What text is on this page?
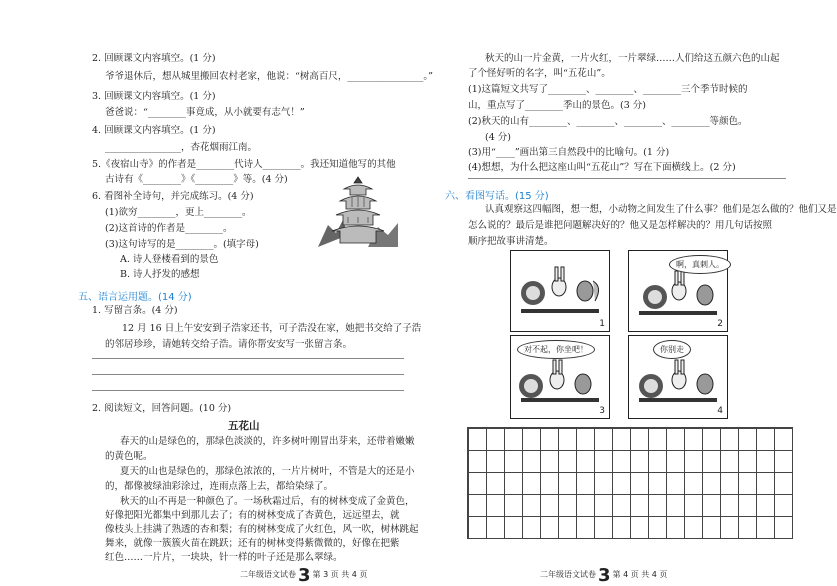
2. 回顾课文内容填空。(1 分)
爷爷退休后，想从城里搬回农村老家，他说：“树高百尺，________________。”
3. 回顾课文内容填空。(1 分)
爸爸说：“________事竟成，从小就要有志气！”
4. 回顾课文内容填空。(1 分)
________________，杏花烟雨江南。
5.《夜宿山寺》的作者是________代诗人________。我还知道他写的其他
古诗有《________》《________》等。(4 分)
6. 看图补全诗句，并完成练习。(4 分)
(1)欲穷________，更上________。
(2)这首诗的作者是________。
(3)这句诗写的是________。(填字母)
A. 诗人登楼看到的景色
B. 诗人抒发的感想
五、语言运用题。(14 分)
1. 写留言条。(4 分)
12 月 16 日上午安安到子浩家还书，可子浩没在家，她把书交给了子浩
的邻居珍珍，请她转交给子浩。请你帮安安写一张留言条。
2. 阅读短文，回答问题。(10 分)
五花山
春天的山是绿色的，那绿色淡淡的，许多树叶刚冒出芽来，还带着嫩嫩
的黄色呢。
夏天的山也是绿色的，那绿色浓浓的，一片片树叶，不管是大的还是小
的，都像被绿油彩涂过，连雨点落上去，都给染绿了。
秋天的山不再是一种颜色了。一场秋霜过后，有的树林变成了金黄色，
好像把阳光都集中到那儿去了；有的树林变成了杏黄色，远远望去，就
像枝头上挂满了熟透的杏和梨；有的树林变成了火红色，风一吹，树林跳起
舞来，就像一簇簇火苗在跳跃；还有的树林变得紫微微的，好像在把紫
红色……一片片，一块块，针一样的叶子还是那么翠绿。
二年级语文试卷 3 第 3 页 共 4 页
秋天的山一片金黄，一片火红，一片翠绿……人们给这五颜六色的山起
了个怪好听的名字，叫“五花山”。
(1)这篇短文共写了________、________、________三个季节时候的
山，重点写了________季山的景色。(3 分)
(2)秋天的山有________、________、________、________等颜色。
(4 分)
(3)用“____”画出第三自然段中的比喻句。(1 分)
(4)想想，为什么把这座山叫“五花山”？写在下面横线上。(2 分)
六、看图写话。(15 分)
认真观察这四幅图，想一想，小动物之间发生了什么事？他们是怎么做的？他们又是
怎么说的？最后是谁把问题解决好的？他又是怎样解决的？用几句话按照
顺序把故事讲清楚。
1
啊，真刺人。
2
对不起，你坐吧！
3
你别走
4
二年级语文试卷 3 第 4 页 共 4 页
